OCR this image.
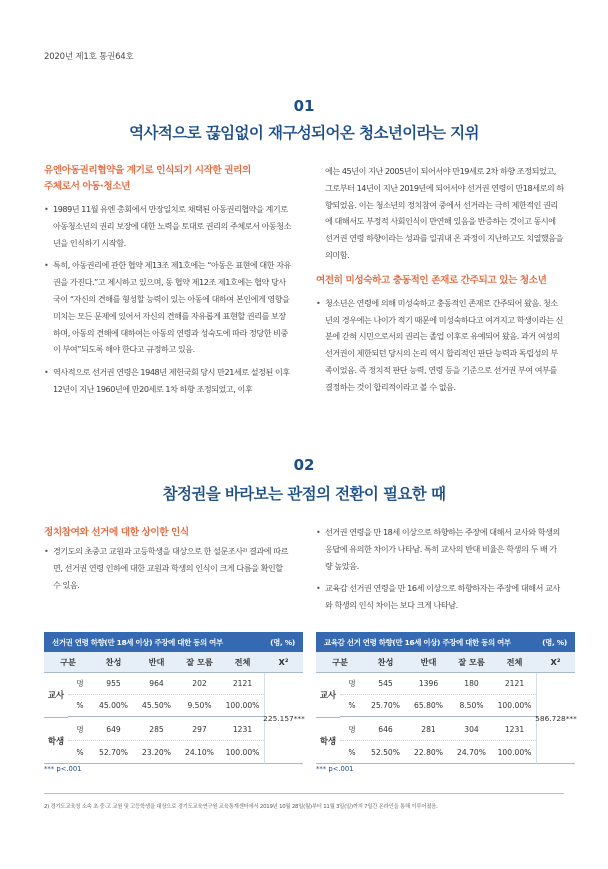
2020년 제1호 통권64호
01
역사적으로 끊임없이 재구성되어온 청소년이라는 지위
유엔아동권리협약을 계기로 인식되기 시작한 권리의
주체로서 아동·청소년
• 1989년 11월 유엔 총회에서 만장일치로 채택된 아동권리협약을 계기로 아동청소년의 권리 보장에 대한 노력을 토대로 권리의 주체로서 아동청소년을 인식하기 시작함.
• 특히, 아동권리에 관한 협약 제13조 제1호에는 “아동은 표현에 대한 자유권을 가진다.”고 제시하고 있으며, 동 협약 제12조 제1호에는 협약 당사국이 “자신의 견해를 형성할 능력이 있는 아동에 대하여 본인에게 영향을 미치는 모든 문제에 있어서 자신의 견해를 자유롭게 표현할 권리를 보장하며, 아동의 견해에 대하여는 아동의 연령과 성숙도에 따라 정당한 비중이 부여”되도록 해야 한다고 규정하고 있음.
• 역사적으로 선거권 연령은 1948년 제헌국회 당시 만21세로 설정된 이후 12년이 지난 1960년에 만20세로 1차 하향 조정되었고, 이후
에는 45년이 지난 2005년이 되어서야 만19세로 2차 하향 조정되었고, 그로부터 14년이 지난 2019년에 되어서야 선거권 연령이 만18세로의 하향되었음. 이는 청소년의 정치참여 중에서 선거라는 극히 제한적인 권리에 대해서도 부정적 사회인식이 만연해 있음을 반증하는 것이고 동시에 선거권 연령 하향이라는 성과를 일궈내 온 과정이 지난하고도 치열했음을 의미함.
여전히 미성숙하고 충동적인 존재로 간주되고 있는 청소년
• 청소년은 연령에 의해 미성숙하고 충동적인 존재로 간주되어 왔음. 청소년의 경우에는 나이가 적기 때문에 미성숙하다고 여겨지고 학생이라는 신분에 갇혀 시민으로서의 권리는 졸업 이후로 유예되어 왔음. 과거 여성의 선거권이 제한되던 당시의 논리 역시 합리적인 판단 능력과 독립성의 부족이었음. 즉 정치적 판단 능력, 연령 등을 기준으로 선거권 부여 여부를 결정하는 것이 합리적이라고 볼 수 없음.
02
참정권을 바라보는 관점의 전환이 필요한 때
정치참여와 선거에 대한 상이한 인식
• 경기도의 초중고 교원과 고등학생을 대상으로 한 설문조사²⁾ 결과에 따르면, 선거권 연령 인하에 대한 교원과 학생의 인식이 크게 다름을 확인할 수 있음.
• 선거권 연령을 만 18세 이상으로 하향하는 주장에 대해서 교사와 학생의 응답에 유의한 차이가 나타남. 특히 교사의 반대 비율은 학생의 두 배 가량 높았음.
• 교육감 선거권 연령을 만 16세 이상으로 하향하자는 주장에 대해서 교사와 학생의 인식 차이는 보다 크게 나타남.
선거권 연령 하향(만 18세 이상) 주장에 대한 동의 여부	(명, %)
구분	찬성	반대	잘 모름	전체	X²
교사
명	955	964	202	2121
%	45.00%	45.50%	9.50%	100.00%
학생
명	649	285	297	1231
%	52.70%	23.20%	24.10%	100.00%
225.157***
*** p<.001
교육감 선거 연령 하향(만 16세 이상) 주장에 대한 동의 여부	(명, %)
구분	찬성	반대	잘 모름	전체	X²
교사
명	545	1396	180	2121
%	25.70%	65.80%	8.50%	100.00%
학생
명	646	281	304	1231
%	52.50%	22.80%	24.70%	100.00%
586.728***
*** p<.001
2) 경기도교육청 소속 초·중·고 교원 및 고등학생을 대상으로 경기도교육연구원 교육통계센터에서 2019년 10월 28일(월)부터 11월 3일(일)까지 7일간 온라인을 통해 이루어졌음.
